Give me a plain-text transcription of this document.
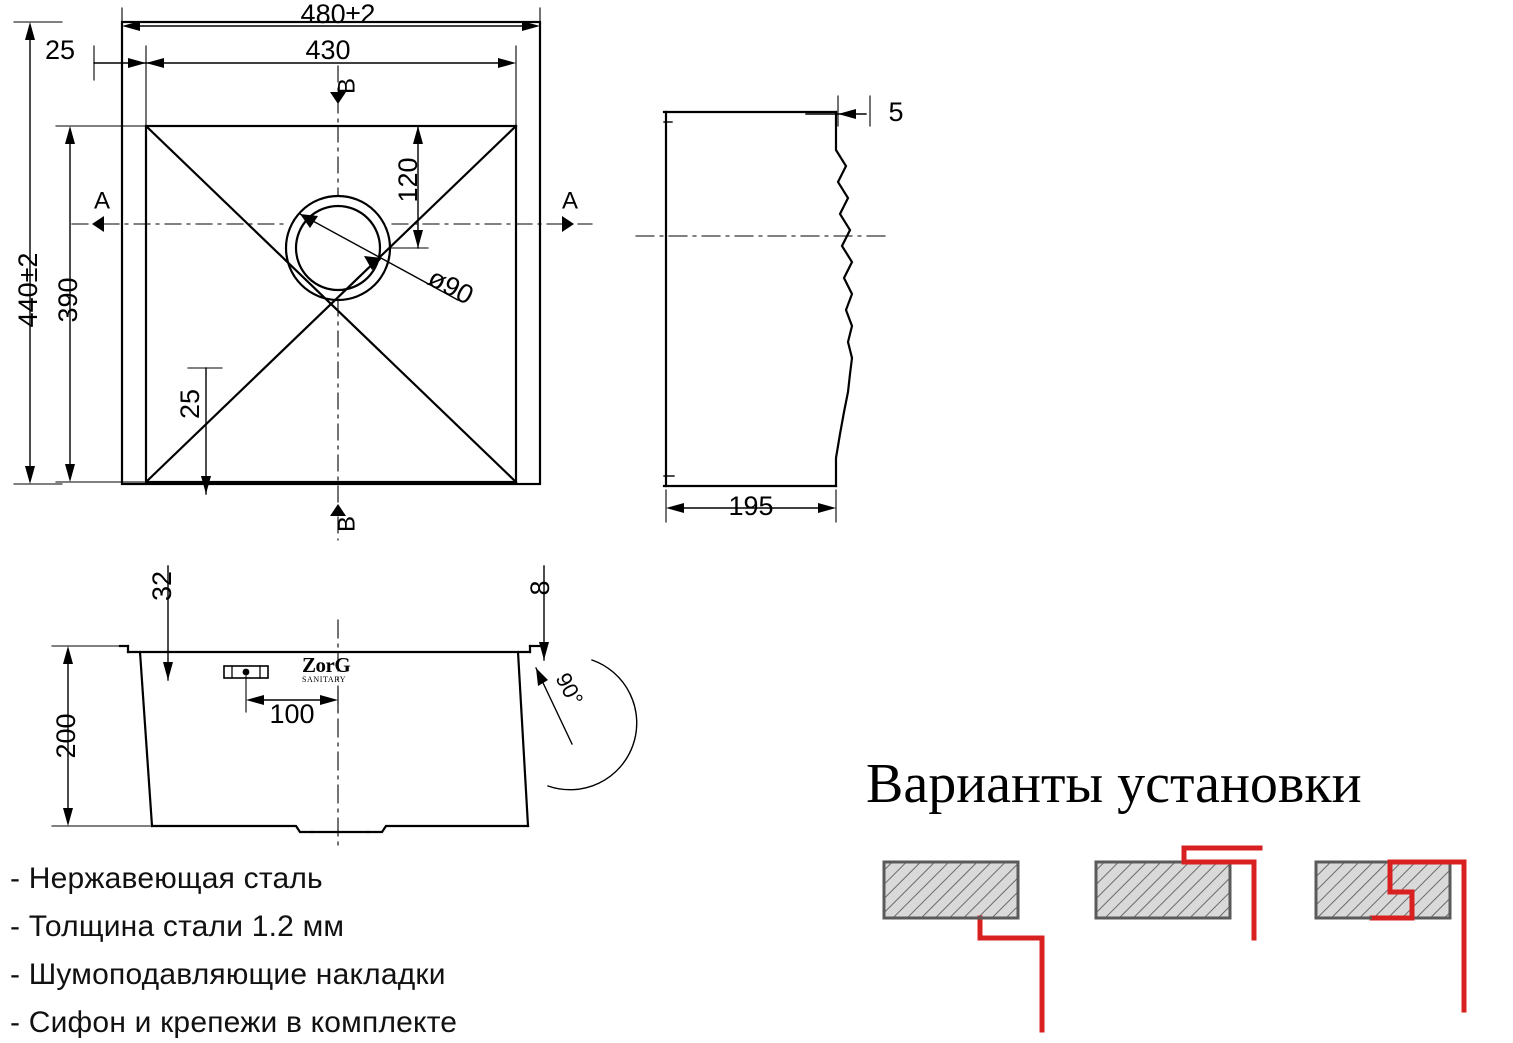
480±2
430
25
440±2 390
120
ø90
25
B
B
A	A
5
195
32	8
200	100
90°
ZorG
SANITARY
- Нержавеющая сталь
- Толщина стали 1.2 мм
- Шумоподавляющие накладки
- Сифон и крепежи в комплекте
Варианты установки
